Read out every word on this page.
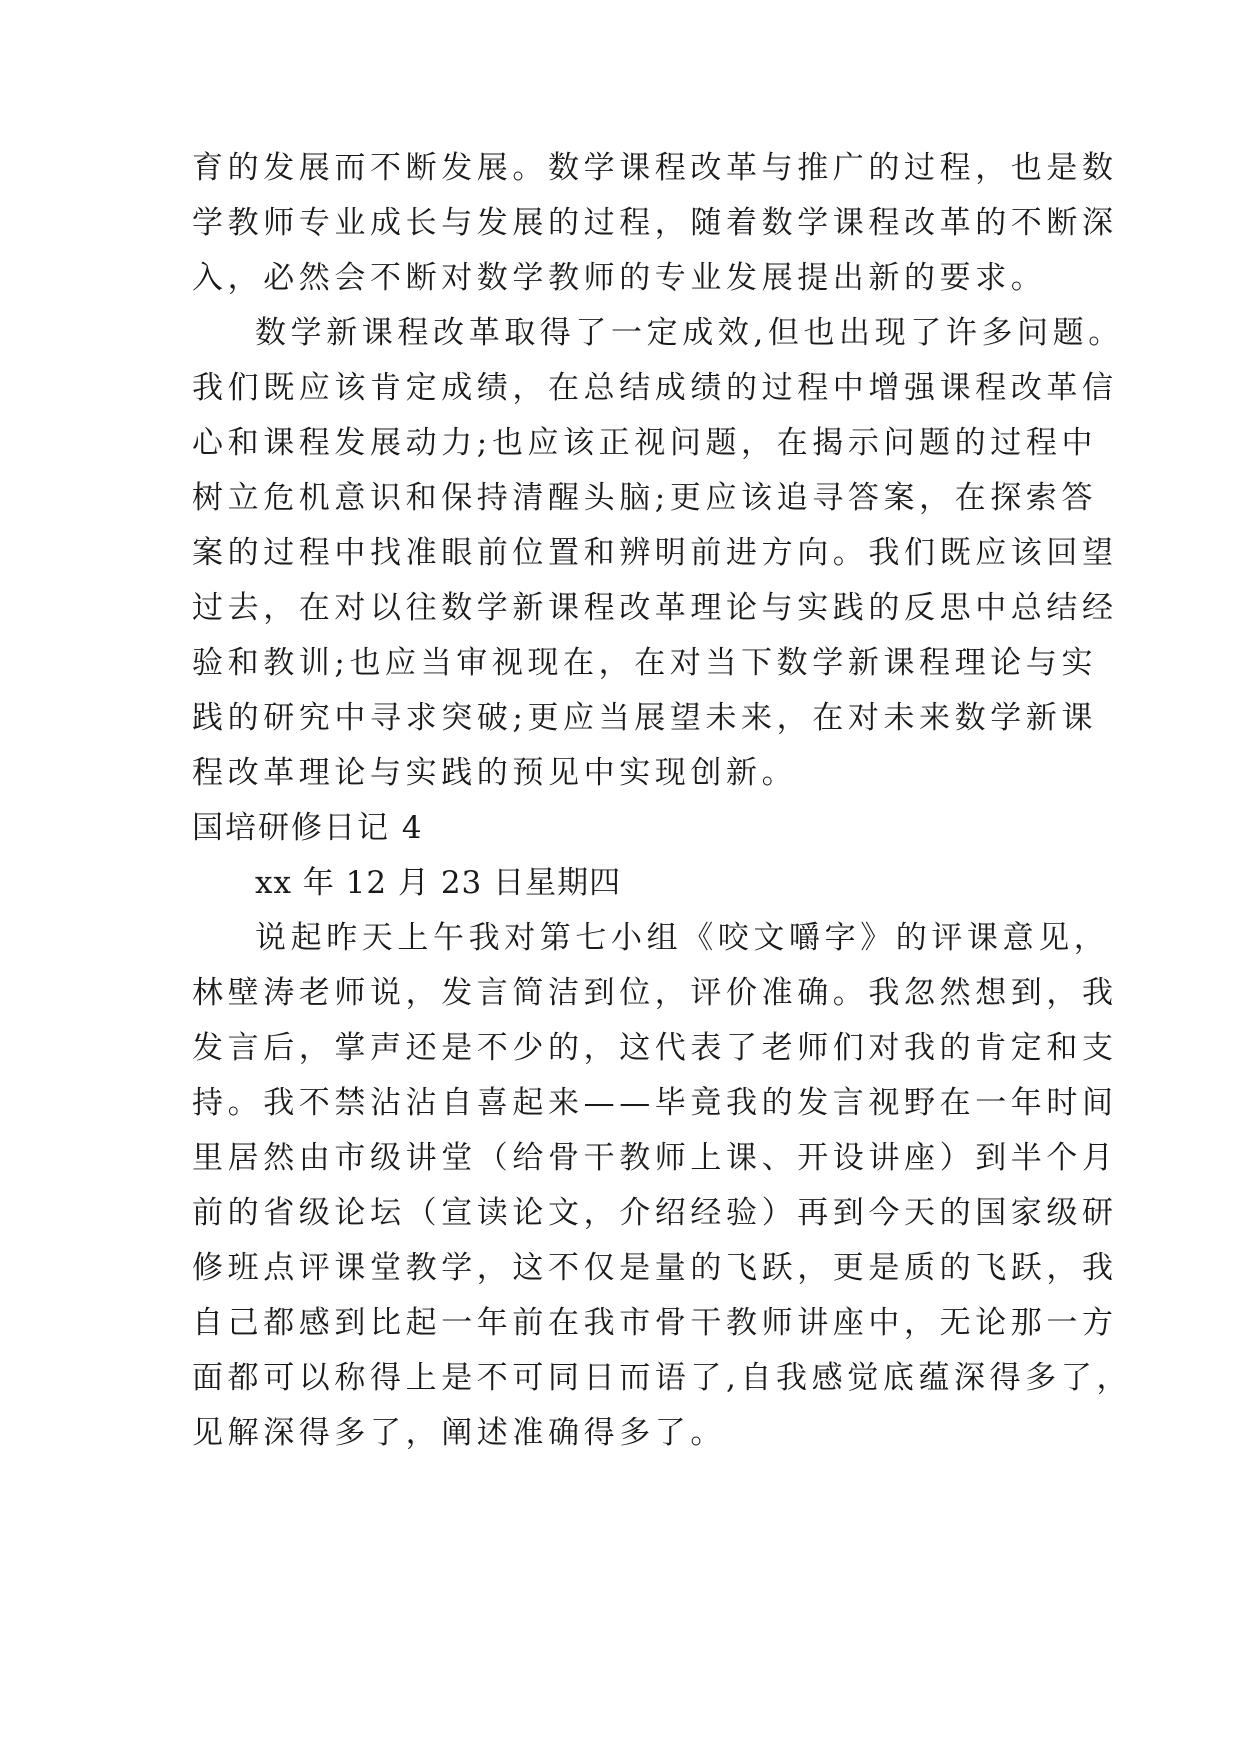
育的发展而不断发展。数学课程改革与推广的过程，也是数
学教师专业成长与发展的过程，随着数学课程改革的不断深
入，必然会不断对数学教师的专业发展提出新的要求。
数学新课程改革取得了一定成效,但也出现了许多问题。
我们既应该肯定成绩，在总结成绩的过程中增强课程改革信
心和课程发展动力;也应该正视问题，在揭示问题的过程中
树立危机意识和保持清醒头脑;更应该追寻答案，在探索答
案的过程中找准眼前位置和辨明前进方向。我们既应该回望
过去，在对以往数学新课程改革理论与实践的反思中总结经
验和教训;也应当审视现在，在对当下数学新课程理论与实
践的研究中寻求突破;更应当展望未来，在对未来数学新课
程改革理论与实践的预见中实现创新。
国培研修日记 4
xx 年 12 月 23 日星期四
说起昨天上午我对第七小组《咬文嚼字》的评课意见，
林壁涛老师说，发言简洁到位，评价准确。我忽然想到，我
发言后，掌声还是不少的，这代表了老师们对我的肯定和支
持。我不禁沾沾自喜起来——毕竟我的发言视野在一年时间
里居然由市级讲堂（给骨干教师上课、开设讲座）到半个月
前的省级论坛（宣读论文，介绍经验）再到今天的国家级研
修班点评课堂教学，这不仅是量的飞跃，更是质的飞跃，我
自己都感到比起一年前在我市骨干教师讲座中，无论那一方
面都可以称得上是不可同日而语了,自我感觉底蕴深得多了，
见解深得多了，阐述准确得多了。
